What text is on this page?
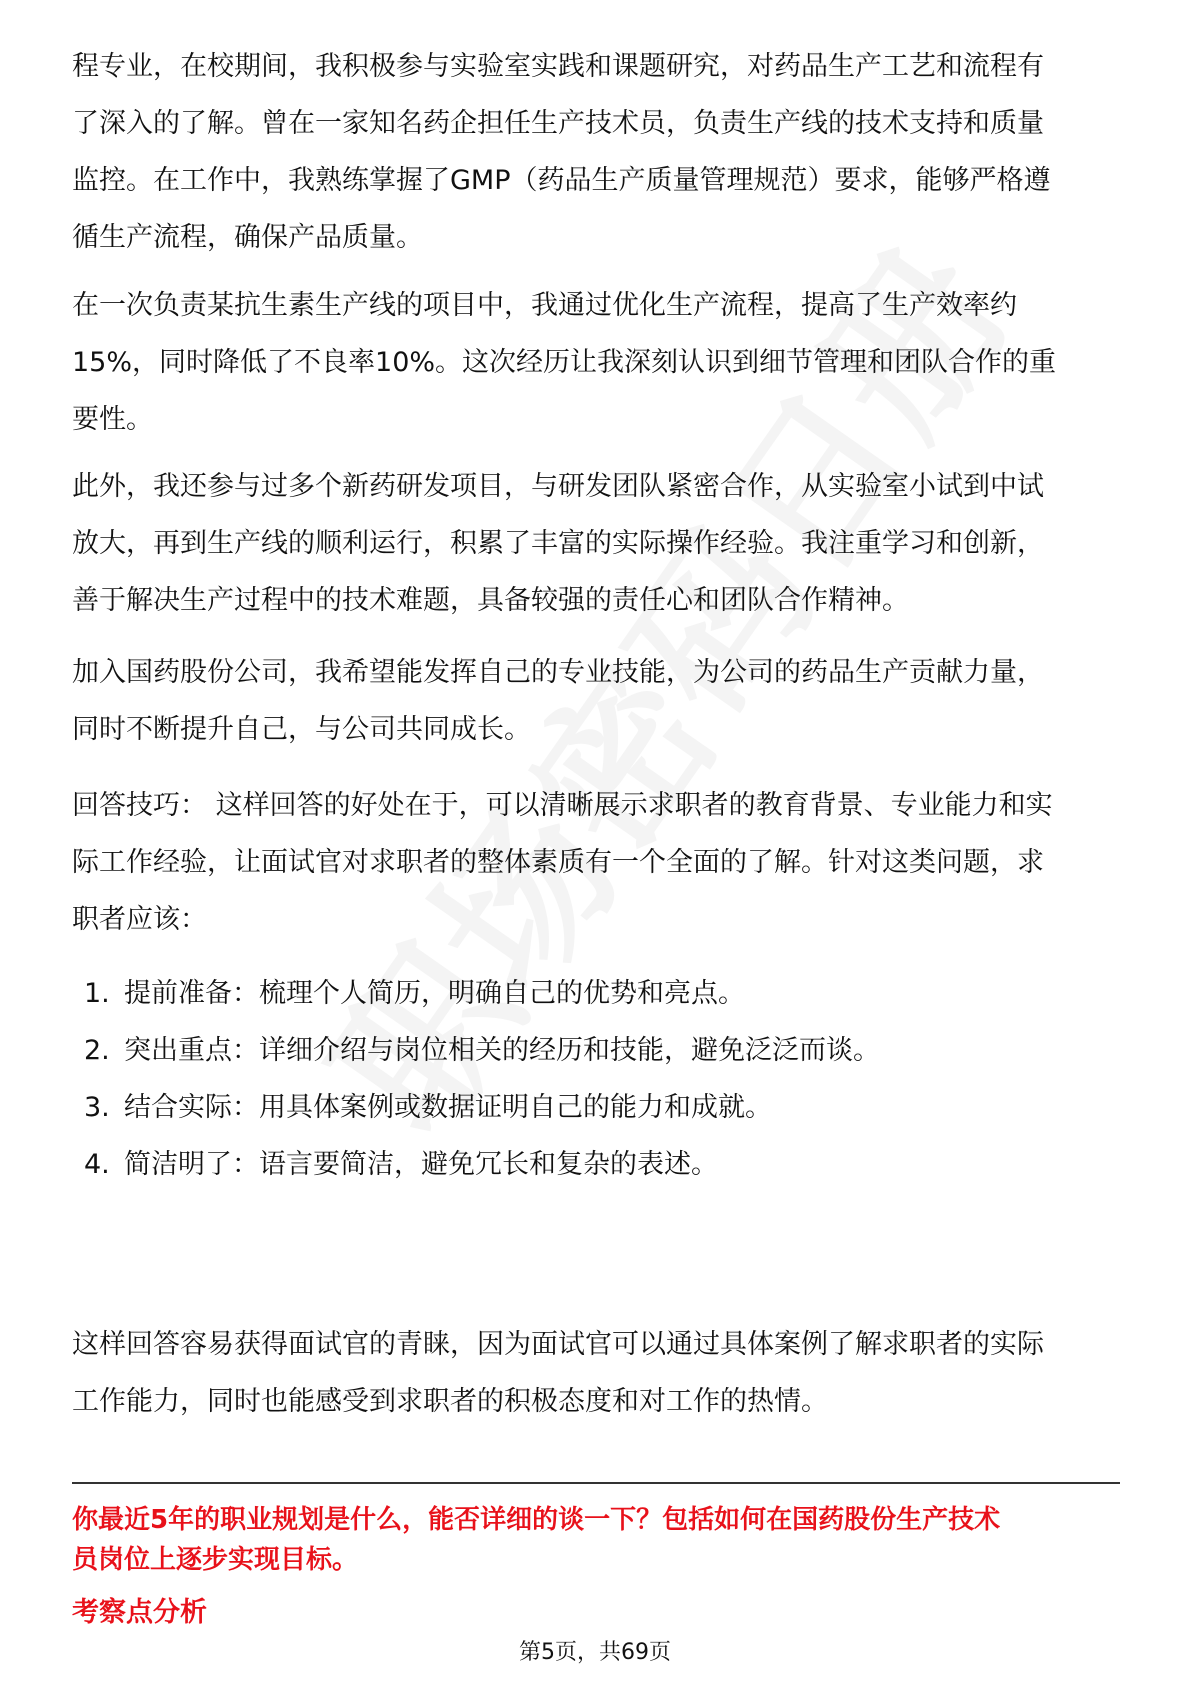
程专业，在校期间，我积极参与实验室实践和课题研究，对药品生产工艺和流程有
了深入的了解。曾在一家知名药企担任生产技术员，负责生产线的技术支持和质量
监控。在工作中，我熟练掌握了GMP（药品生产质量管理规范）要求，能够严格遵
循生产流程，确保产品质量。
在一次负责某抗生素生产线的项目中，我通过优化生产流程，提高了生产效率约
15%，同时降低了不良率10%。这次经历让我深刻认识到细节管理和团队合作的重
要性。
此外，我还参与过多个新药研发项目，与研发团队紧密合作，从实验室小试到中试
放大，再到生产线的顺利运行，积累了丰富的实际操作经验。我注重学习和创新，
善于解决生产过程中的技术难题，具备较强的责任心和团队合作精神。
加入国药股份公司，我希望能发挥自己的专业技能，为公司的药品生产贡献力量，
同时不断提升自己，与公司共同成长。
回答技巧： 这样回答的好处在于，可以清晰展示求职者的教育背景、专业能力和实
际工作经验，让面试官对求职者的整体素质有一个全面的了解。针对这类问题，求
职者应该：
1. 提前准备：梳理个人简历，明确自己的优势和亮点。
2. 突出重点：详细介绍与岗位相关的经历和技能，避免泛泛而谈。
3. 结合实际：用具体案例或数据证明自己的能力和成就。
4. 简洁明了：语言要简洁，避免冗长和复杂的表述。
这样回答容易获得面试官的青睐，因为面试官可以通过具体案例了解求职者的实际
工作能力，同时也能感受到求职者的积极态度和对工作的热情。
你最近5年的职业规划是什么，能否详细的谈一下？包括如何在国药股份生产技术
员岗位上逐步实现目标。
考察点分析
第5页，共69页
